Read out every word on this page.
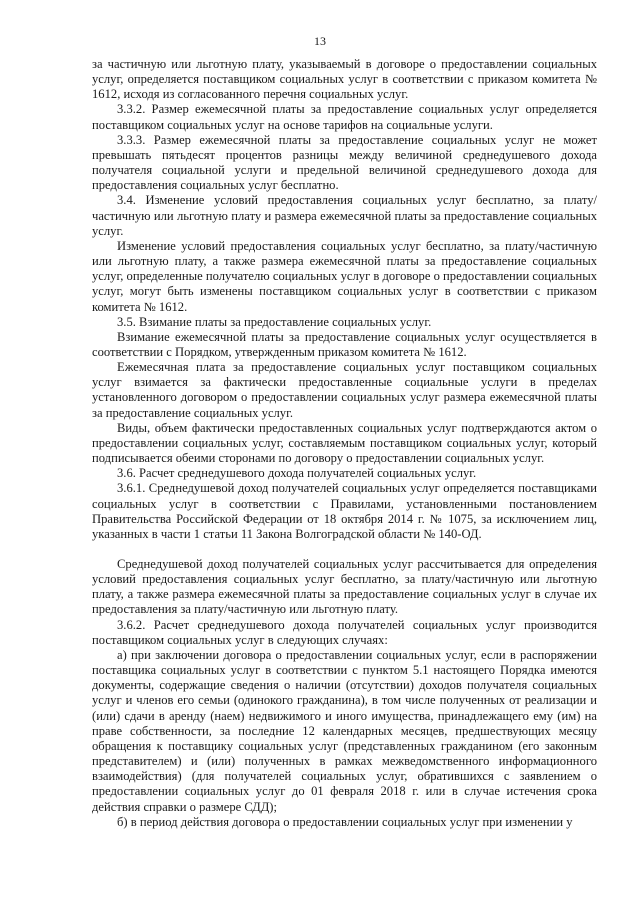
13

за частичную или льготную плату, указываемый в договоре о предоставлении социальных услуг, определяется поставщиком социальных услуг в соответствии с приказом комитета № 1612, исходя из согласованного перечня социальных услуг.

3.3.2. Размер ежемесячной платы за предоставление социальных услуг определяется поставщиком социальных услуг на основе тарифов на социальные услуги.

3.3.3. Размер ежемесячной платы за предоставление социальных услуг не может превышать пятьдесят процентов разницы между величиной среднедушевого дохода получателя социальной услуги и предельной величиной среднедушевого дохода для предоставления социальных услуг бесплатно.

3.4. Изменение условий предоставления социальных услуг бесплатно, за плату/частичную или льготную плату и размера ежемесячной платы за предоставление социальных услуг.

Изменение условий предоставления социальных услуг бесплатно, за плату/частичную или льготную плату, а также размера ежемесячной платы за предоставление социальных услуг, определенные получателю социальных услуг в договоре о предоставлении социальных услуг, могут быть изменены поставщиком социальных услуг в соответствии с приказом комитета № 1612.

3.5. Взимание платы за предоставление социальных услуг.

Взимание ежемесячной платы за предоставление социальных услуг осуществляется в соответствии с Порядком, утвержденным приказом комитета № 1612.

Ежемесячная плата за предоставление социальных услуг поставщиком социальных услуг взимается за фактически предоставленные социальные услуги в пределах установленного договором о предоставлении социальных услуг размера ежемесячной платы за предоставление социальных услуг.

Виды, объем фактически предоставленных социальных услуг подтверждаются актом о предоставлении социальных услуг, составляемым поставщиком социальных услуг, который подписывается обеими сторонами по договору о предоставлении социальных услуг.

3.6. Расчет среднедушевого дохода получателей социальных услуг.

3.6.1. Среднедушевой доход получателей социальных услуг определяется поставщиками социальных услуг в соответствии с Правилами, установленными постановлением Правительства Российской Федерации от 18 октября 2014 г. № 1075, за исключением лиц, указанных в части 1 статьи 11 Закона Волгоградской области № 140-ОД.

Среднедушевой доход получателей социальных услуг рассчитывается для определения условий предоставления социальных услуг бесплатно, за плату/частичную или льготную плату, а также размера ежемесячной платы за предоставление социальных услуг в случае их предоставления за плату/частичную или льготную плату.

3.6.2. Расчет среднедушевого дохода получателей социальных услуг производится поставщиком социальных услуг в следующих случаях:

а) при заключении договора о предоставлении социальных услуг, если в распоряжении поставщика социальных услуг в соответствии с пунктом 5.1 настоящего Порядка имеются документы, содержащие сведения о наличии (отсутствии) доходов получателя социальных услуг и членов его семьи (одинокого гражданина), в том числе полученных от реализации и (или) сдачи в аренду (наем) недвижимого и иного имущества, принадлежащего ему (им) на праве собственности, за последние 12 календарных месяцев, предшествующих месяцу обращения к поставщику социальных услуг (представленных гражданином (его законным представителем) и (или) полученных в рамках межведомственного информационного взаимодействия) (для получателей социальных услуг, обратившихся с заявлением о предоставлении социальных услуг до 01 февраля 2018 г. или в случае истечения срока действия справки о размере СДД);

б) в период действия договора о предоставлении социальных услуг при изменении у
